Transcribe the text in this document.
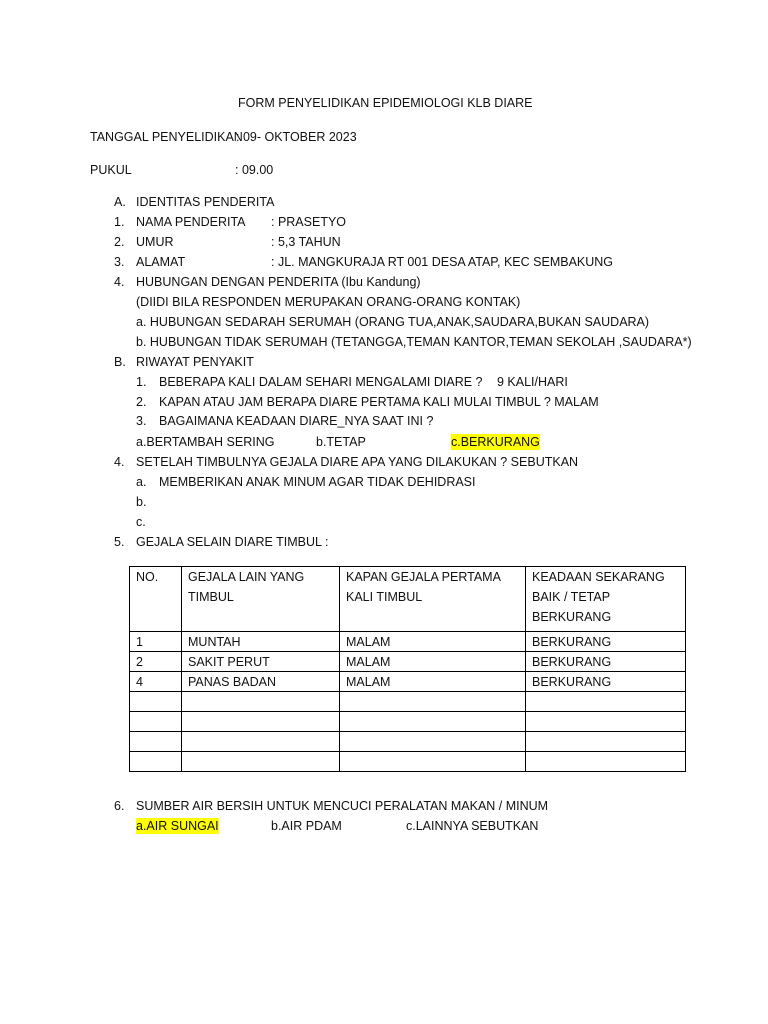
FORM PENYELIDIKAN EPIDEMIOLOGI KLB DIARE
TANGGAL PENYELIDIKAN
: 09- OKTOBER 2023
PUKUL	: 09.00
A. IDENTITAS PENDERITA
1. NAMA PENDERITA : PRASETYO
2. UMUR	: 5,3 TAHUN
3. ALAMAT	: JL. MANGKURAJA RT 001 DESA ATAP, KEC SEMBAKUNG
4. HUBUNGAN DENGAN PENDERITA (Ibu Kandung)
(DIIDI BILA RESPONDEN MERUPAKAN ORANG-ORANG KONTAK)
a. HUBUNGAN SEDARAH SERUMAH (ORANG TUA,ANAK,SAUDARA,BUKAN SAUDARA)
b. HUBUNGAN TIDAK SERUMAH (TETANGGA,TEMAN KANTOR,TEMAN SEKOLAH ,SAUDARA*)
B. RIWAYAT PENYAKIT
1. BEBERAPA KALI DALAM SEHARI MENGALAMI DIARE ? 9 KALI/HARI
2. KAPAN ATAU JAM BERAPA DIARE PERTAMA KALI MULAI TIMBUL ? MALAM
3. BAGAIMANA KEADAAN DIARE_NYA SAAT INI ?
a.BERTAMBAH SERING	b.TETAP	c.BERKURANG
4. SETELAH TIMBULNYA GEJALA DIARE APA YANG DILAKUKAN ? SEBUTKAN
a. MEMBERIKAN ANAK MINUM AGAR TIDAK DEHIDRASI
b.
c.
5. GEJALA SELAIN DIARE TIMBUL :
NO.	GEJALA LAIN YANG TIMBUL	KAPAN GEJALA PERTAMA KALI TIMBUL	KEADAAN SEKARANG BAIK / TETAP BERKURANG
1	MUNTAH	MALAM	BERKURANG
2	SAKIT PERUT	MALAM	BERKURANG
4	PANAS BADAN	MALAM	BERKURANG

6. SUMBER AIR BERSIH UNTUK MENCUCI PERALATAN MAKAN / MINUM
a.AIR SUNGAI	b.AIR PDAM	c.LAINNYA SEBUTKAN
